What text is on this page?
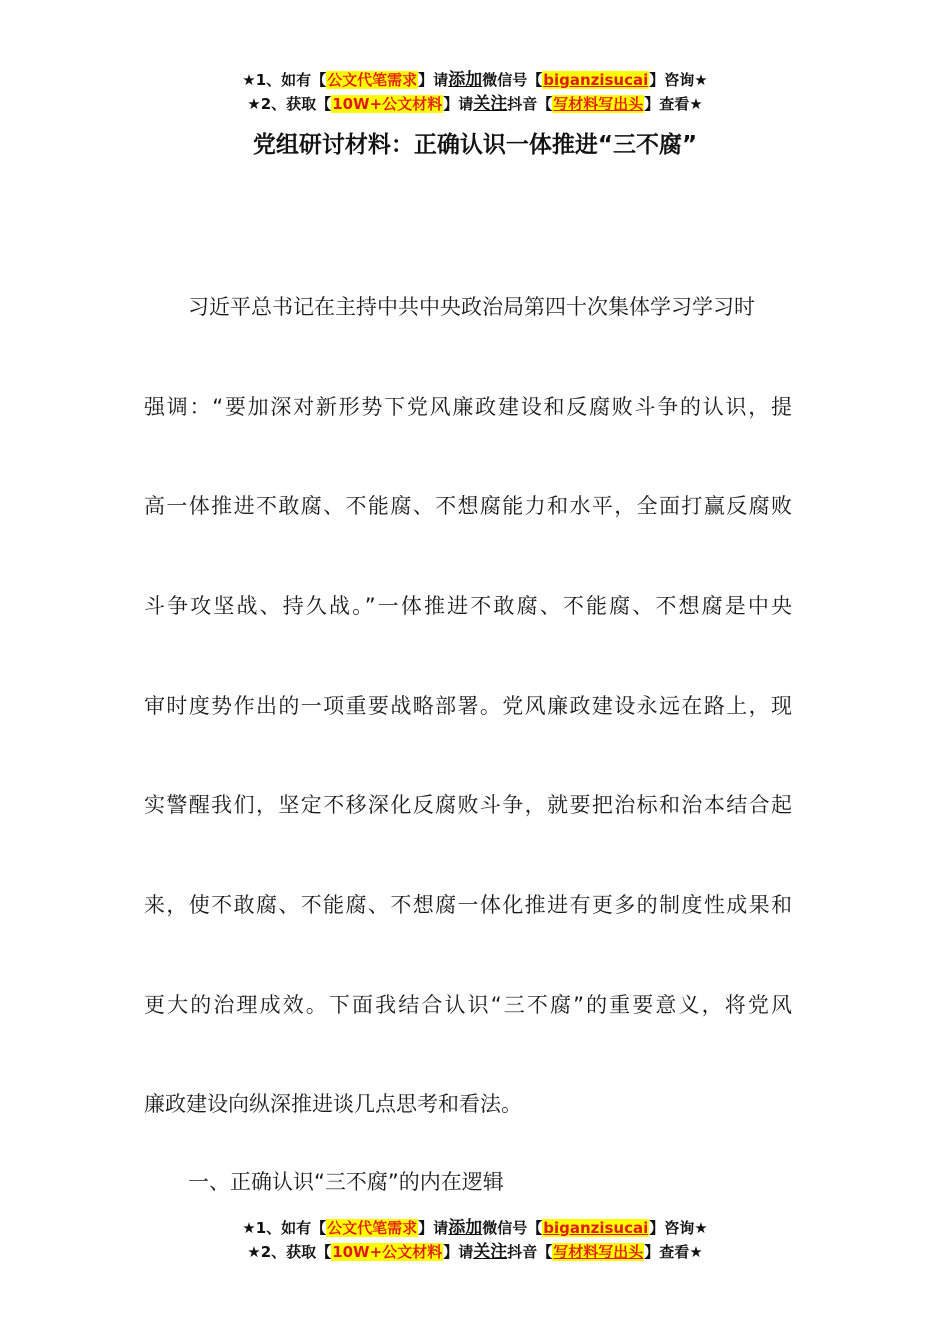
★1、如有【公文代笔需求】请添加微信号【biganzisucai】咨询★
★2、获取【10W+公文材料】请关注抖音【写材料写出头】查看★
党组研讨材料：正确认识一体推进“三不腐”
习近平总书记在主持中共中央政治局第四十次集体学习学习时
强调：“要加深对新形势下党风廉政建设和反腐败斗争的认识，提
高一体推进不敢腐、不能腐、不想腐能力和水平，全面打赢反腐败
斗争攻坚战、持久战。”一体推进不敢腐、不能腐、不想腐是中央
审时度势作出的一项重要战略部署。党风廉政建设永远在路上，现
实警醒我们，坚定不移深化反腐败斗争，就要把治标和治本结合起
来，使不敢腐、不能腐、不想腐一体化推进有更多的制度性成果和
更大的治理成效。下面我结合认识“三不腐”的重要意义，将党风
廉政建设向纵深推进谈几点思考和看法。
一、正确认识“三不腐”的内在逻辑
★1、如有【公文代笔需求】请添加微信号【biganzisucai】咨询★
★2、获取【10W+公文材料】请关注抖音【写材料写出头】查看★
